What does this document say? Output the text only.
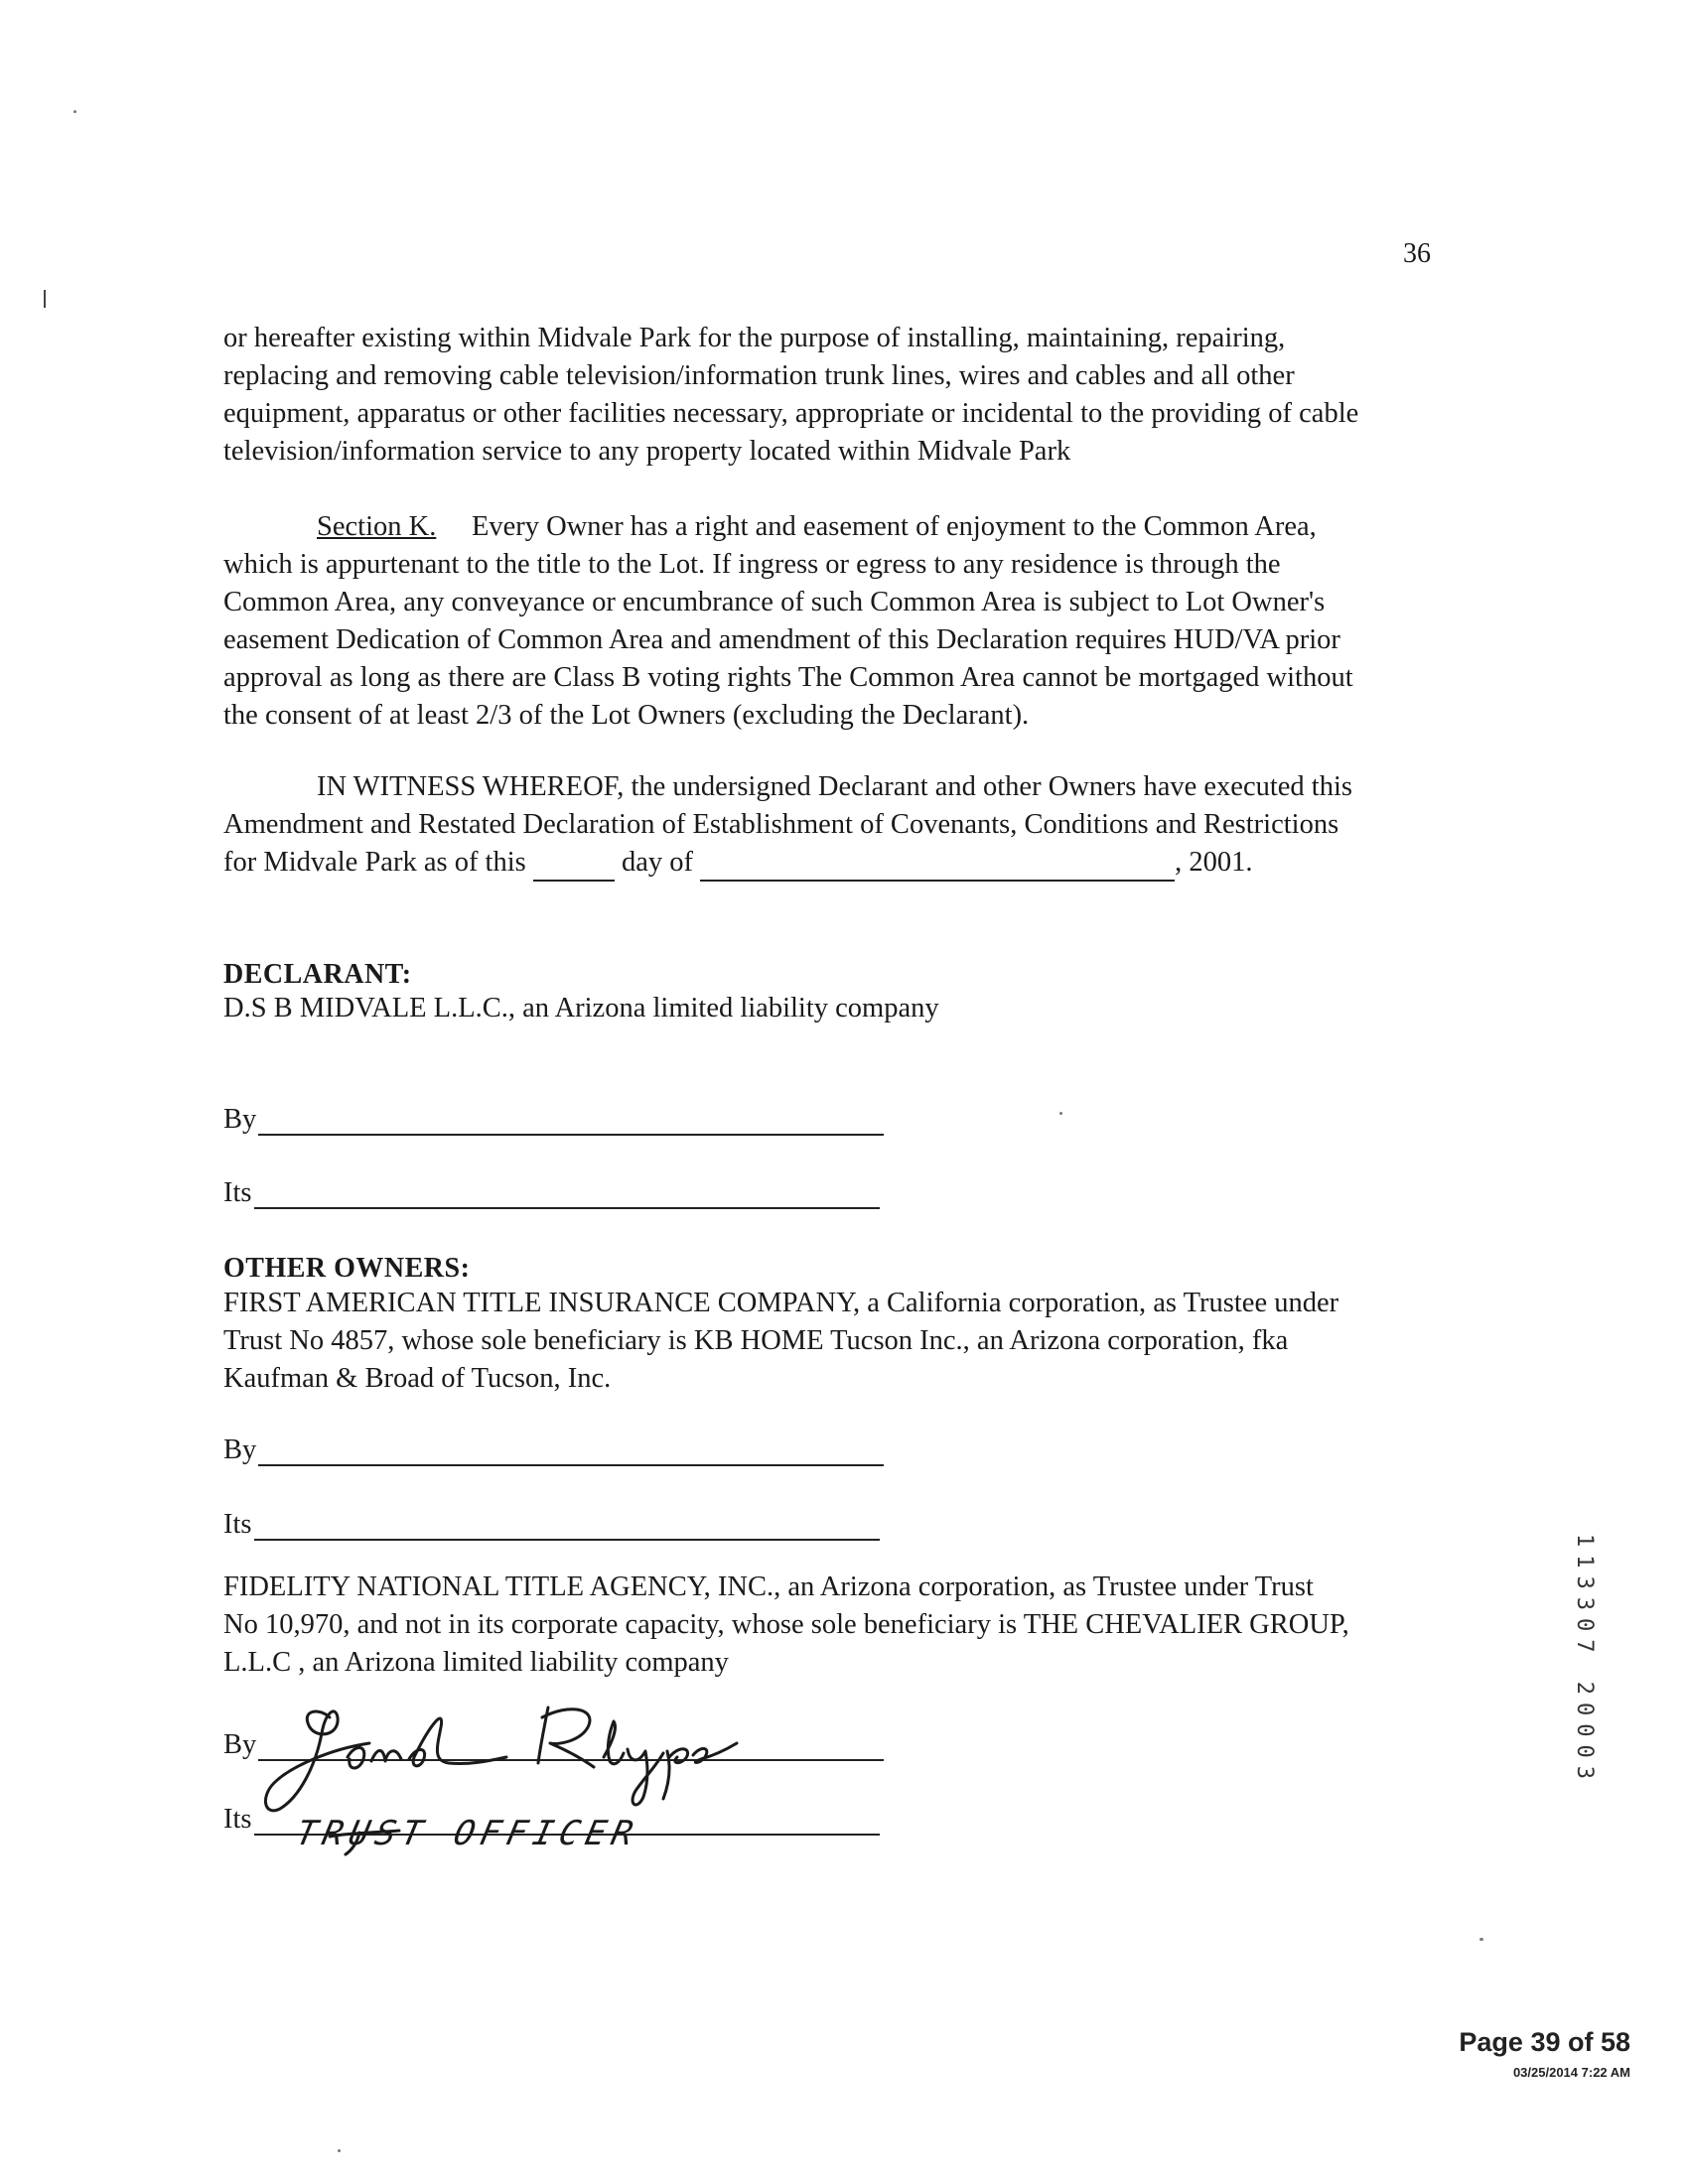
36
or hereafter existing within Midvale Park for the purpose of installing, maintaining, repairing,
replacing and removing cable television/information trunk lines, wires and cables and all other
equipment, apparatus or other facilities necessary, appropriate or incidental to the providing of cable
television/information service to any property located within Midvale Park
Section K. Every Owner has a right and easement of enjoyment to the Common Area,
which is appurtenant to the title to the Lot. If ingress or egress to any residence is through the
Common Area, any conveyance or encumbrance of such Common Area is subject to Lot Owner's
easement Dedication of Common Area and amendment of this Declaration requires HUD/VA prior
approval as long as there are Class B voting rights The Common Area cannot be mortgaged without
the consent of at least 2/3 of the Lot Owners (excluding the Declarant).
IN WITNESS WHEREOF, the undersigned Declarant and other Owners have executed this
Amendment and Restated Declaration of Establishment of Covenants, Conditions and Restrictions
for Midvale Park as of this	day of	, 2001.
DECLARANT:
D.S B MIDVALE L.L.C., an Arizona limited liability company
By
Its
OTHER OWNERS:
FIRST AMERICAN TITLE INSURANCE COMPANY, a California corporation, as Trustee under
Trust No 4857, whose sole beneficiary is KB HOME Tucson Inc., an Arizona corporation, fka
Kaufman & Broad of Tucson, Inc.
By
Its
FIDELITY NATIONAL TITLE AGENCY, INC., an Arizona corporation, as Trustee under Trust
No 10,970, and not in its corporate capacity, whose sole beneficiary is THE CHEVALIER GROUP,
L.L.C , an Arizona limited liability company
By
Its	TRUST OFFICER
113307 20003
Page 39 of 58
03/25/2014 7:22 AM
